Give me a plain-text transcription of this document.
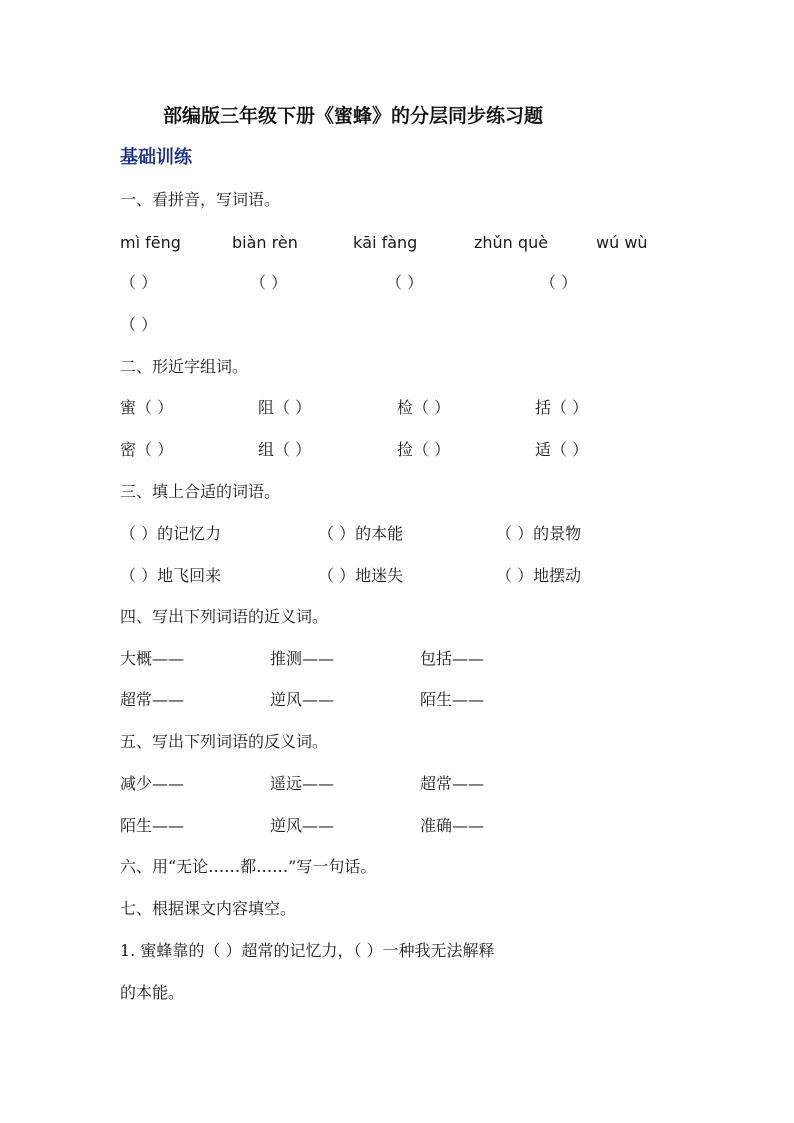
部编版三年级下册《蜜蜂》的分层同步练习题
基础训练
一、看拼音，写词语。
mì fēng	biàn rèn	kāi fàng	zhǔn què	wú wù
（ ）	（ ）	（ ）	（ ）
（ ）
二、形近字组词。
蜜（ ）	阻（ ）	检（ ）	括（ ）
密（ ）	组（ ）	捡（ ）	适（ ）
三、填上合适的词语。
（ ）的记忆力	（ ）的本能	（ ）的景物
（ ）地飞回来	（ ）地迷失	（ ）地摆动
四、写出下列词语的近义词。
大概——	推测——	包括——
超常——	逆风——	陌生——
五、写出下列词语的反义词。
减少——	遥远——	超常——
陌生——	逆风——	准确——
六、用“无论……都……”写一句话。
七、根据课文内容填空。
1. 蜜蜂靠的（ ）超常的记忆力，（ ）一种我无法解释
的本能。
